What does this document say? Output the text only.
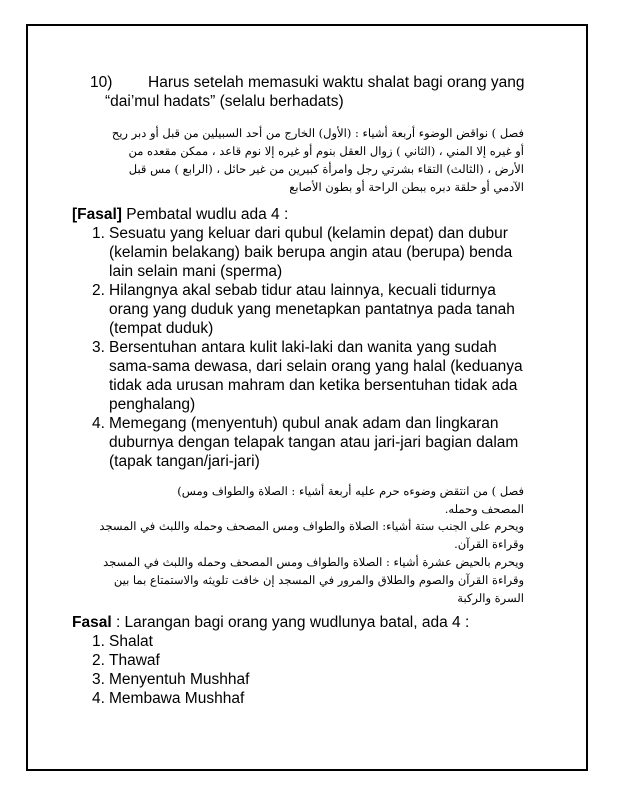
10) Harus setelah memasuki waktu shalat bagi orang yang
“dai’mul hadats” (selalu berhadats)
فصل ) نواقض الوضوء أربعة أشياء : (الأول) الخارج من أحد السبيلين من قبل أو دبر ريح
أو غيره إلا المني ، (الثاني ) زوال العقل بنوم أو غيره إلا نوم قاعد ، ممكن مقعده من
الأرض ، (الثالث) التقاء بشرتي رجل وامرأة كبيرين من غير حائل ، (الرابع ) مس قبل
الآدمي أو حلقة دبره ببطن الراحة أو بطون الأصابع
[Fasal] Pembatal wudlu ada 4 :
1. Sesuatu yang keluar dari qubul (kelamin depat) dan dubur
(kelamin belakang) baik berupa angin atau (berupa) benda
lain selain mani (sperma)
2. Hilangnya akal sebab tidur atau lainnya, kecuali tidurnya
orang yang duduk yang menetapkan pantatnya pada tanah
(tempat duduk)
3. Bersentuhan antara kulit laki-laki dan wanita yang sudah
sama-sama dewasa, dari selain orang yang halal (keduanya
tidak ada urusan mahram dan ketika bersentuhan tidak ada
penghalang)
4. Memegang (menyentuh) qubul anak adam dan lingkaran
duburnya dengan telapak tangan atau jari-jari bagian dalam
(tapak tangan/jari-jari)
فصل ) من انتقض وضوءه حرم عليه أربعة أشياء : الصلاة والطواف ومس)
المصحف وحمله.
ويحرم على الجنب ستة أشياء: الصلاة والطواف ومس المصحف وحمله واللبث في المسجد
وقراءة القرآن.
ويحرم بالحيض عشرة أشياء : الصلاة والطواف ومس المصحف وحمله واللبث في المسجد
وقراءة القرآن والصوم والطلاق والمرور في المسجد إن خافت تلويثه والاستمتاع بما بين
السرة والركبة
Fasal : Larangan bagi orang yang wudlunya batal, ada 4 :
1. Shalat
2. Thawaf
3. Menyentuh Mushhaf
4. Membawa Mushhaf
